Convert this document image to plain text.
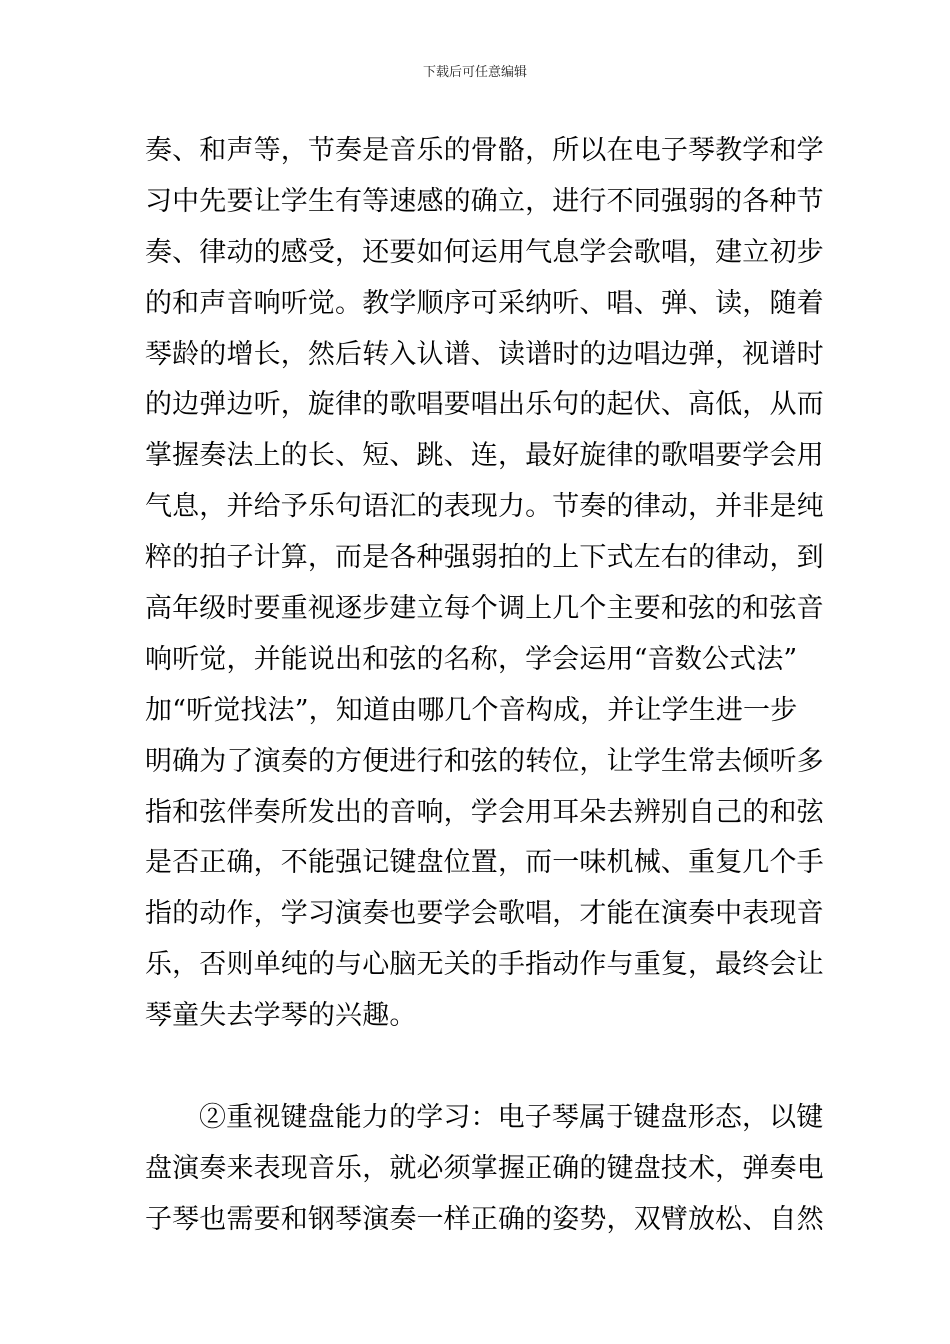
下载后可任意编辑
奏、和声等，节奏是音乐的骨骼，所以在电子琴教学和学
习中先要让学生有等速感的确立，进行不同强弱的各种节
奏、律动的感受，还要如何运用气息学会歌唱，建立初步
的和声音响听觉。教学顺序可采纳听、唱、弹、读，随着
琴龄的增长，然后转入认谱、读谱时的边唱边弹，视谱时
的边弹边听，旋律的歌唱要唱出乐句的起伏、高低，从而
掌握奏法上的长、短、跳、连，最好旋律的歌唱要学会用
气息，并给予乐句语汇的表现力。节奏的律动，并非是纯
粹的拍子计算，而是各种强弱拍的上下式左右的律动，到
高年级时要重视逐步建立每个调上几个主要和弦的和弦音
响听觉，并能说出和弦的名称，学会运用“音数公式法”
加“听觉找法”，知道由哪几个音构成，并让学生进一步
明确为了演奏的方便进行和弦的转位，让学生常去倾听多
指和弦伴奏所发出的音响，学会用耳朵去辨别自己的和弦
是否正确，不能强记键盘位置，而一味机械、重复几个手
指的动作，学习演奏也要学会歌唱，才能在演奏中表现音
乐，否则单纯的与心脑无关的手指动作与重复，最终会让
琴童失去学琴的兴趣。
②重视键盘能力的学习：电子琴属于键盘形态，以键
盘演奏来表现音乐，就必须掌握正确的键盘技术，弹奏电
子琴也需要和钢琴演奏一样正确的姿势，双臂放松、自然
